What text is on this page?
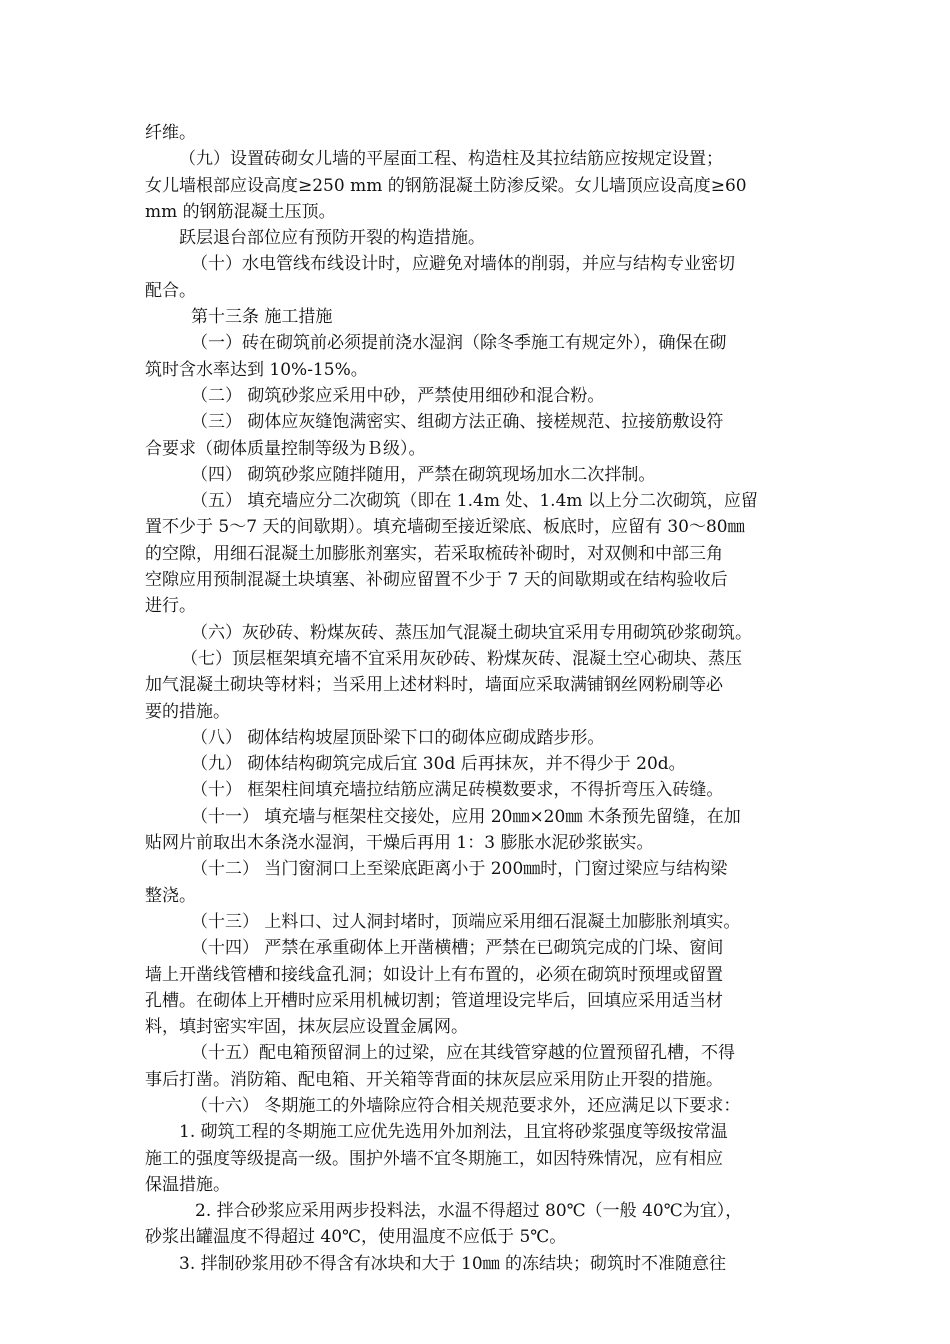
纤维。
（九）设置砖砌女儿墙的平屋面工程、构造柱及其拉结筋应按规定设置；
女儿墙根部应设高度≥250 mm 的钢筋混凝土防渗反梁。女儿墙顶应设高度≥60
mm 的钢筋混凝土压顶。
跃层退台部位应有预防开裂的构造措施。
（十）水电管线布线设计时，应避免对墙体的削弱，并应与结构专业密切
配合。
第十三条 施工措施
（一）砖在砌筑前必须提前浇水湿润（除冬季施工有规定外），确保在砌
筑时含水率达到 10%-15%。
（二） 砌筑砂浆应采用中砂，严禁使用细砂和混合粉。
（三） 砌体应灰缝饱满密实、组砌方法正确、接槎规范、拉接筋敷设符
合要求（砌体质量控制等级为Ｂ级）。
（四） 砌筑砂浆应随拌随用，严禁在砌筑现场加水二次拌制。
（五） 填充墙应分二次砌筑（即在 1.4m 处、1.4m 以上分二次砌筑，应留
置不少于 5～7 天的间歇期）。填充墙砌至接近梁底、板底时，应留有 30～80㎜
的空隙，用细石混凝土加膨胀剂塞实，若采取梳砖补砌时，对双侧和中部三角
空隙应用预制混凝土块填塞、补砌应留置不少于 7 天的间歇期或在结构验收后
进行。
（六）灰砂砖、粉煤灰砖、蒸压加气混凝土砌块宜采用专用砌筑砂浆砌筑。
（七）顶层框架填充墙不宜采用灰砂砖、粉煤灰砖、混凝土空心砌块、蒸压
加气混凝土砌块等材料；当采用上述材料时，墙面应采取满铺钢丝网粉刷等必
要的措施。
（八） 砌体结构坡屋顶卧梁下口的砌体应砌成踏步形。
（九） 砌体结构砌筑完成后宜 30d 后再抹灰，并不得少于 20d。
（十） 框架柱间填充墙拉结筋应满足砖模数要求，不得折弯压入砖缝。
（十一） 填充墙与框架柱交接处，应用 20㎜×20㎜ 木条预先留缝，在加
贴网片前取出木条浇水湿润，干燥后再用 1：3 膨胀水泥砂浆嵌实。
（十二） 当门窗洞口上至梁底距离小于 200㎜时，门窗过梁应与结构梁
整浇。
（十三） 上料口、过人洞封堵时，顶端应采用细石混凝土加膨胀剂填实。
（十四） 严禁在承重砌体上开凿横槽；严禁在已砌筑完成的门垛、窗间
墙上开凿线管槽和接线盒孔洞；如设计上有布置的，必须在砌筑时预埋或留置
孔槽。在砌体上开槽时应采用机械切割；管道埋设完毕后，回填应采用适当材
料，填封密实牢固，抹灰层应设置金属网。
（十五）配电箱预留洞上的过梁，应在其线管穿越的位置预留孔槽，不得
事后打凿。消防箱、配电箱、开关箱等背面的抹灰层应采用防止开裂的措施。
（十六） 冬期施工的外墙除应符合相关规范要求外，还应满足以下要求：
1. 砌筑工程的冬期施工应优先选用外加剂法，且宜将砂浆强度等级按常温
施工的强度等级提高一级。围护外墙不宜冬期施工，如因特殊情况，应有相应
保温措施。
2. 拌合砂浆应采用两步投料法，水温不得超过 80℃（一般 40℃为宜），
砂浆出罐温度不得超过 40℃，使用温度不应低于 5℃。
3. 拌制砂浆用砂不得含有冰块和大于 10㎜ 的冻结块；砌筑时不准随意往
